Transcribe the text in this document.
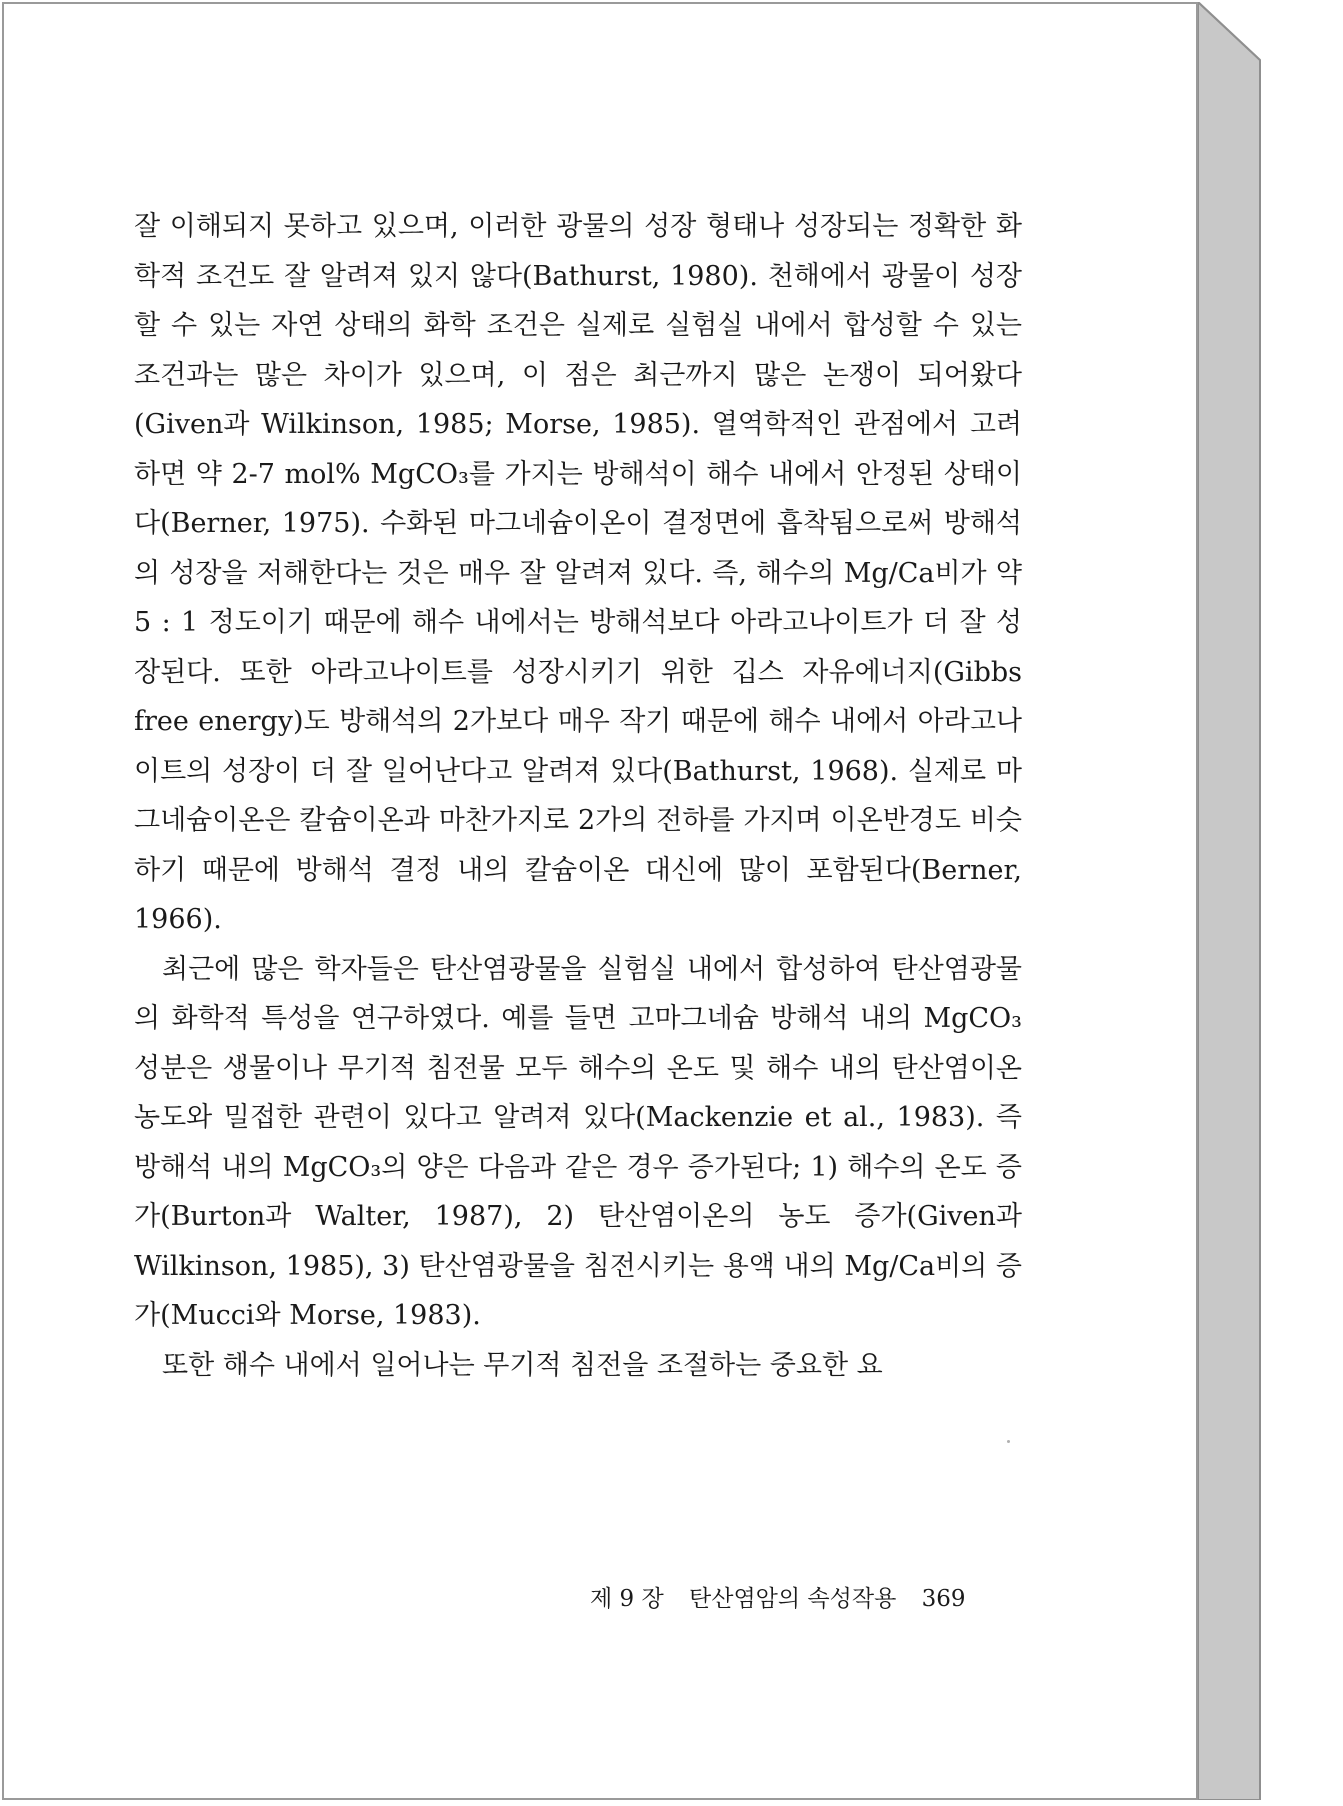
잘 이해되지 못하고 있으며, 이러한 광물의 성장 형태나 성장되는 정확한 화학적 조건도 잘 알려져 있지 않다(Bathurst, 1980). 천해에서 광물이 성장할 수 있는 자연 상태의 화학 조건은 실제로 실험실 내에서 합성할 수 있는 조건과는 많은 차이가 있으며, 이 점은 최근까지 많은 논쟁이 되어왔다(Given과 Wilkinson, 1985; Morse, 1985). 열역학적인 관점에서 고려하면 약 2-7 mol% MgCO₃를 가지는 방해석이 해수 내에서 안정된 상태이다(Berner, 1975). 수화된 마그네슘이온이 결정면에 흡착됨으로써 방해석의 성장을 저해한다는 것은 매우 잘 알려져 있다. 즉, 해수의 Mg/Ca비가 약 5 : 1 정도이기 때문에 해수 내에서는 방해석보다 아라고나이트가 더 잘 성장된다. 또한 아라고나이트를 성장시키기 위한 깁스 자유에너지(Gibbs free energy)도 방해석의 2가보다 매우 작기 때문에 해수 내에서 아라고나이트의 성장이 더 잘 일어난다고 알려져 있다(Bathurst, 1968). 실제로 마그네슘이온은 칼슘이온과 마찬가지로 2가의 전하를 가지며 이온반경도 비슷하기 때문에 방해석 결정 내의 칼슘이온 대신에 많이 포함된다(Berner, 1966).

최근에 많은 학자들은 탄산염광물을 실험실 내에서 합성하여 탄산염광물의 화학적 특성을 연구하였다. 예를 들면 고마그네슘 방해석 내의 MgCO₃ 성분은 생물이나 무기적 침전물 모두 해수의 온도 및 해수 내의 탄산염이온 농도와 밀접한 관련이 있다고 알려져 있다(Mackenzie et al., 1983). 즉 방해석 내의 MgCO₃의 양은 다음과 같은 경우 증가된다; 1) 해수의 온도 증가(Burton과 Walter, 1987), 2) 탄산염이온의 농도 증가(Given과 Wilkinson, 1985), 3) 탄산염광물을 침전시키는 용액 내의 Mg/Ca비의 증가(Mucci와 Morse, 1983).

또한 해수 내에서 일어나는 무기적 침전을 조절하는 중요한 요

제 9 장 탄산염암의 속성작용 369
